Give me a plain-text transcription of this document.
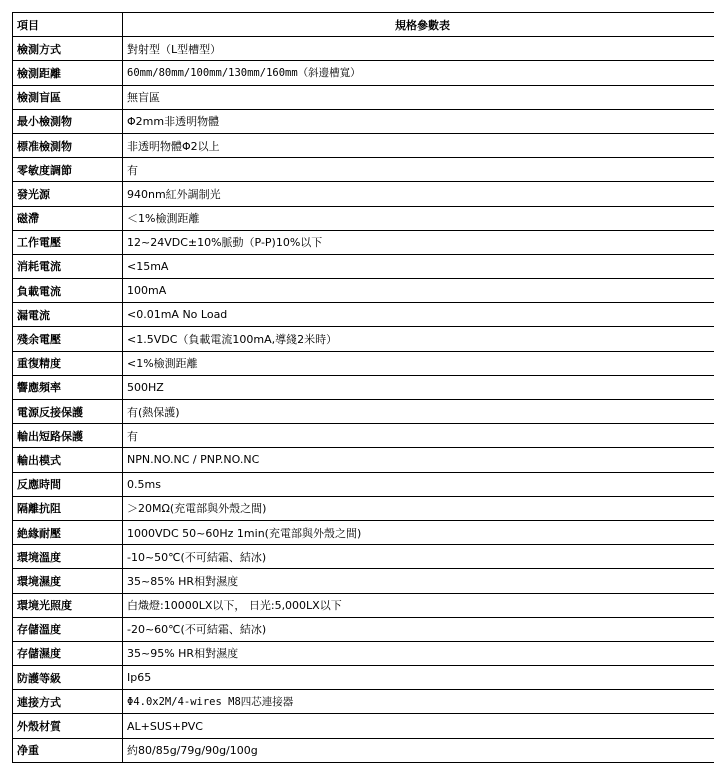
項目	規格參數表
檢測方式	對射型（L型槽型）
檢測距離	60mm/80mm/100mm/130mm/160mm（斜邊槽寬）
檢測盲區	無盲區
最小檢測物	Φ2mm非透明物體
標准檢測物	非透明物體Φ2以上
零敏度調節	有
發光源	940nm紅外調制光
磁滯	＜1%檢測距離
工作電壓	12~24VDC±10%脈動（P-P)10%以下
消耗電流	<15mA
負載電流	100mA
漏電流	<0.01mA No Load
殘余電壓	<1.5VDC（負載電流100mA,導綫2米時）
重復精度	<1%檢測距離
響應頻率	500HZ
電源反接保護	有(熱保護)
輸出短路保護	有
輸出模式	NPN.NO.NC / PNP.NO.NC
反應時間	0.5ms
隔離抗阻	＞20MΩ(充電部與外殼之間)
絶緣耐壓	1000VDC 50~60Hz 1min(充電部與外殼之間)
環境溫度	-10~50℃(不可結霜、結冰)
環境濕度	35~85% HR相對濕度
環境光照度	白熾燈:10000LX以下， 日光:5,000LX以下
存儲溫度	-20~60℃(不可結霜、結冰)
存儲濕度	35~95% HR相對濕度
防護等級	Ip65
連接方式	Φ4.0x2M/4-wires M8四芯連接器
外殼材質	AL+SUS+PVC
净重	約80/85g/79g/90g/100g
